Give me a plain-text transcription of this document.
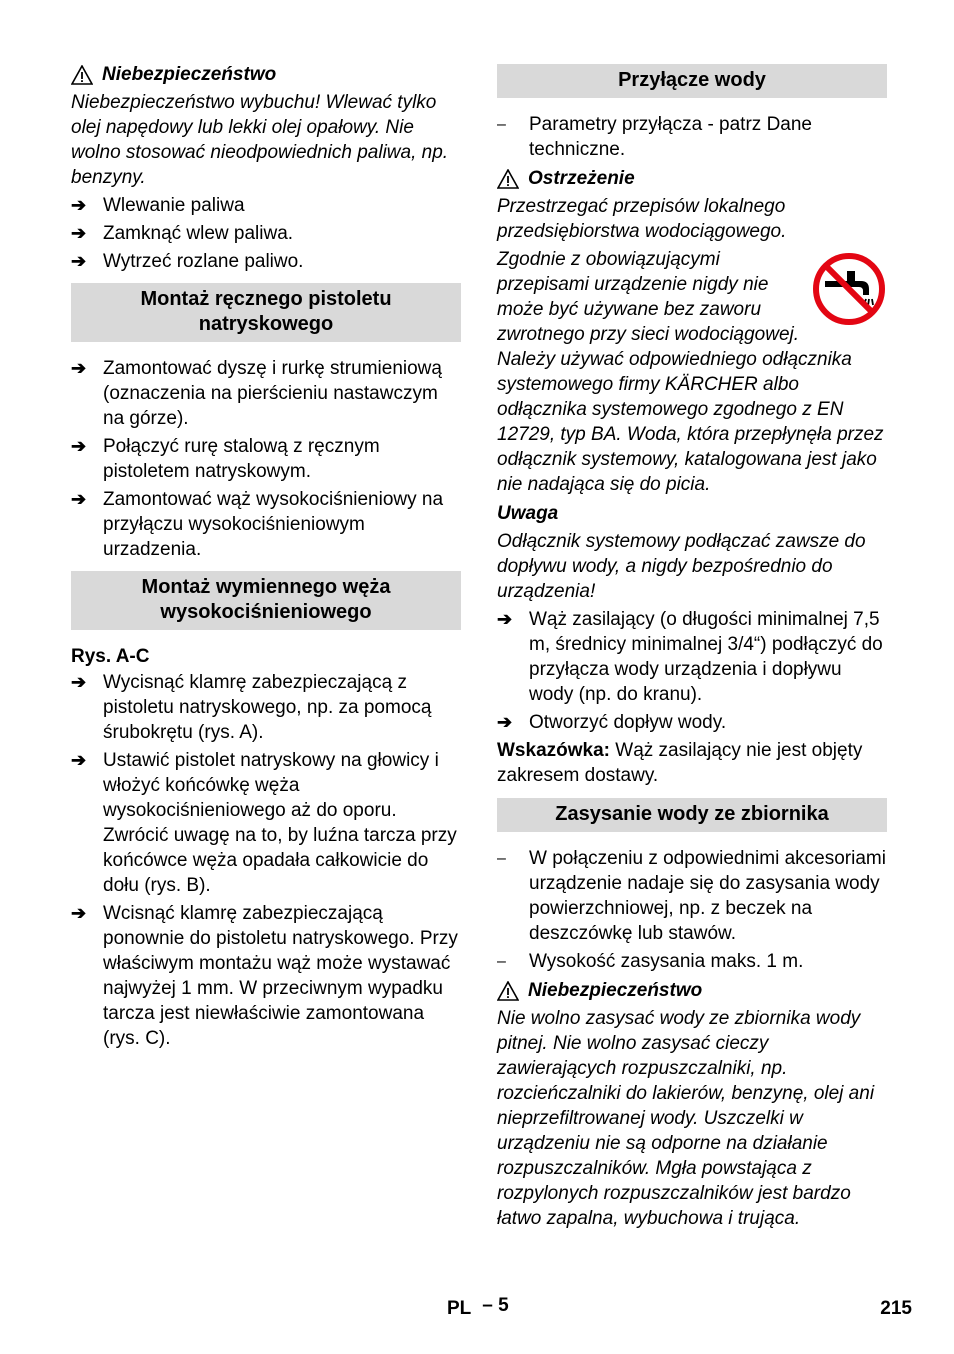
Niebezpieczeństwo

Niebezpieczeństwo wybuchu! Wlewać tylko olej napędowy lub lekki olej opałowy. Nie wolno stosować nieodpowiednich paliwa, np. benzyny.

➔ Wlewanie paliwa
➔ Zamknąć wlew paliwa.
➔ Wytrzeć rozlane paliwo.
Montaż ręcznego pistoletu natryskowego
➔ Zamontować dyszę i rurkę strumieniową (oznaczenia na pierścieniu nastawczym na górze).
➔ Połączyć rurę stalową z ręcznym pistoletem natryskowym.
➔ Zamontować wąż wysokociśnieniowy na przyłączu wysokociśnieniowym urzadzenia.
Montaż wymiennego węża wysokociśnieniowego
Rys. A-C
➔ Wycisnąć klamrę zabezpieczającą z pistoletu natryskowego, np. za pomocą śrubokrętu (rys. A).
➔ Ustawić pistolet natryskowy na głowicy i włożyć końcówkę węża wysokociśnieniowego aż do oporu. Zwrócić uwagę na to, by luźna tarcza przy końcówce węża opadała całkowicie do dołu (rys. B).
➔ Wcisnąć klamrę zabezpieczającą ponownie do pistoletu natryskowego. Przy właściwym montażu wąż może wystawać najwyżej 1 mm. W przeciwnym wypadku tarcza jest niewłaściwie zamontowana (rys. C).
Przyłącze wody
–	Parametry przyłącza - patrz Dane techniczne.
Ostrzeżenie

Przestrzegać przepisów lokalnego przedsiębiorstwa wodociągowego.

Zgodnie z obowiązującymi przepisami urządzenie nigdy nie może być używane bez zaworu zwrotnego przy sieci wodociągowej. Należy używać odpowiedniego odłącznika systemowego firmy KÄRCHER albo odłącznika systemowego zgodnego z EN 12729, typ BA. Woda, która przepłynęła przez odłącznik systemowy, katalogowana jest jako nie nadająca się do picia.

Uwaga

Odłącznik systemowy podłączać zawsze do dopływu wody, a nigdy bezpośrednio do urządzenia!

➔ Wąż zasilający (o długości minimalnej 7,5 m, średnicy minimalnej 3/4“) podłączyć do przyłącza wody urządzenia i dopływu wody (np. do kranu).
➔ Otworzyć dopływ wody.

Wskazówka: Wąż zasilający nie jest objęty zakresem dostawy.

Zasysanie wody ze zbiornika
–	W połączeniu z odpowiednimi akcesoriami urządzenie nadaje się do zasysania wody powierzchniowej, np. z beczek na deszczówkę lub stawów.
–	Wysokość zasysania maks. 1 m.
Niebezpieczeństwo

Nie wolno zasysać wody ze zbiornika wody pitnej. Nie wolno zasysać cieczy zawierających rozpuszczalniki, np. rozcieńczalniki do lakierów, benzynę, olej ani nieprzefiltrowanej wody. Uszczelki w urządzeniu nie są odporne na działanie rozpuszczalników. Mgła powstająca z rozpylonych rozpuszczalników jest bardzo łatwo zapalna, wybuchowa i trująca.

PL – 5	215
